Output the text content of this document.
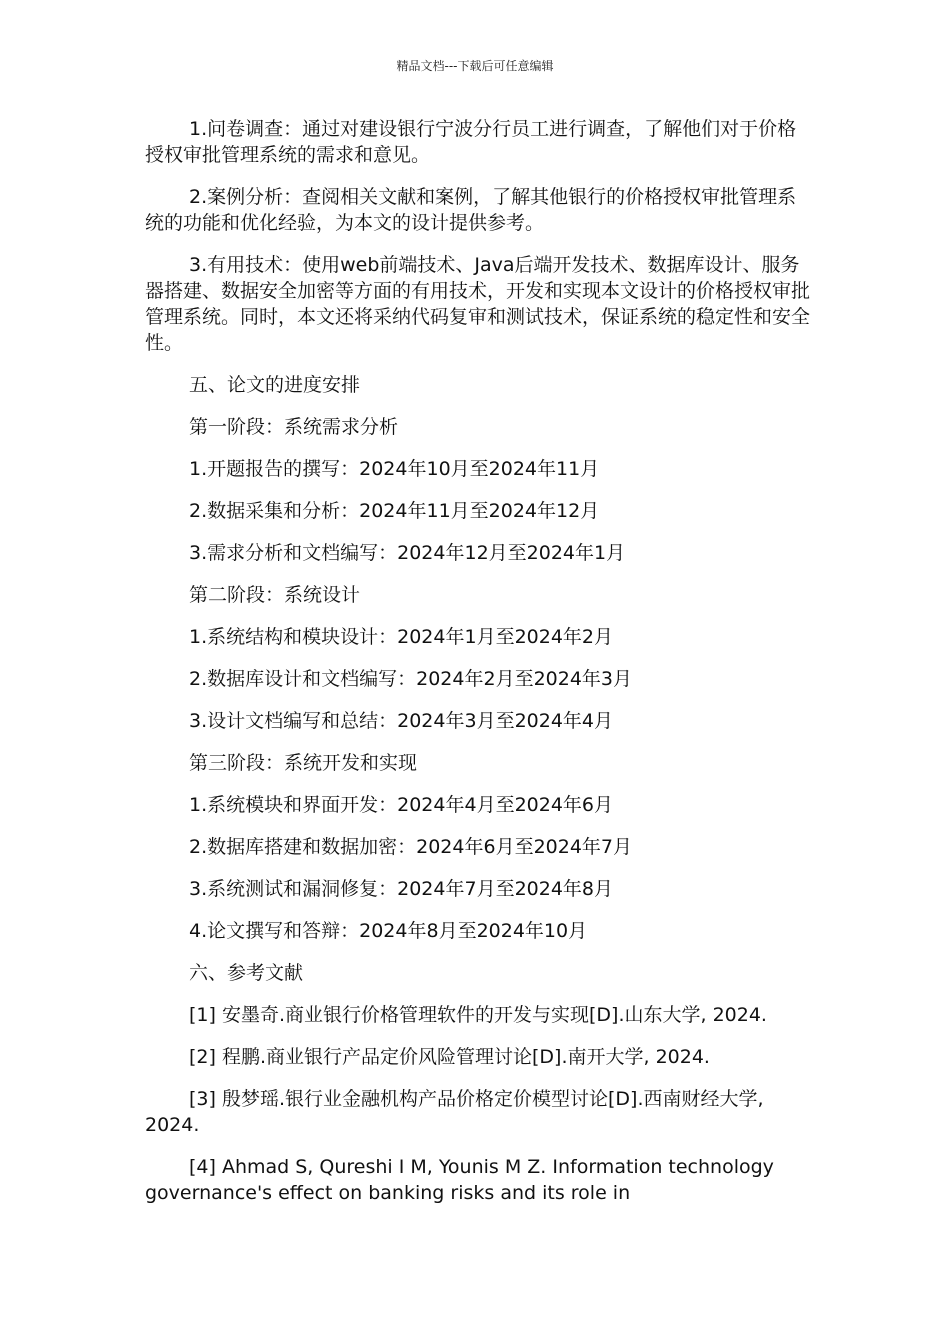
精品文档---下载后可任意编辑

1.问卷调查：通过对建设银行宁波分行员工进行调查，了解他们对于价格授权审批管理系统的需求和意见。

2.案例分析：查阅相关文献和案例，了解其他银行的价格授权审批管理系统的功能和优化经验，为本文的设计提供参考。

3.有用技术：使用web前端技术、Java后端开发技术、数据库设计、服务器搭建、数据安全加密等方面的有用技术，开发和实现本文设计的价格授权审批管理系统。同时，本文还将采纳代码复审和测试技术，保证系统的稳定性和安全性。

五、论文的进度安排

第一阶段：系统需求分析

1.开题报告的撰写：2024年10月至2024年11月

2.数据采集和分析：2024年11月至2024年12月

3.需求分析和文档编写：2024年12月至2024年1月

第二阶段：系统设计

1.系统结构和模块设计：2024年1月至2024年2月

2.数据库设计和文档编写：2024年2月至2024年3月

3.设计文档编写和总结：2024年3月至2024年4月

第三阶段：系统开发和实现

1.系统模块和界面开发：2024年4月至2024年6月

2.数据库搭建和数据加密：2024年6月至2024年7月

3.系统测试和漏洞修复：2024年7月至2024年8月

4.论文撰写和答辩：2024年8月至2024年10月

六、参考文献

[1] 安墨奇.商业银行价格管理软件的开发与实现[D].山东大学, 2024.

[2] 程鹏.商业银行产品定价风险管理讨论[D].南开大学, 2024.

[3] 殷梦瑶.银行业金融机构产品价格定价模型讨论[D].西南财经大学, 2024.

[4] Ahmad S, Qureshi I M, Younis M Z. Information technology governance's effect on banking risks and its role in
